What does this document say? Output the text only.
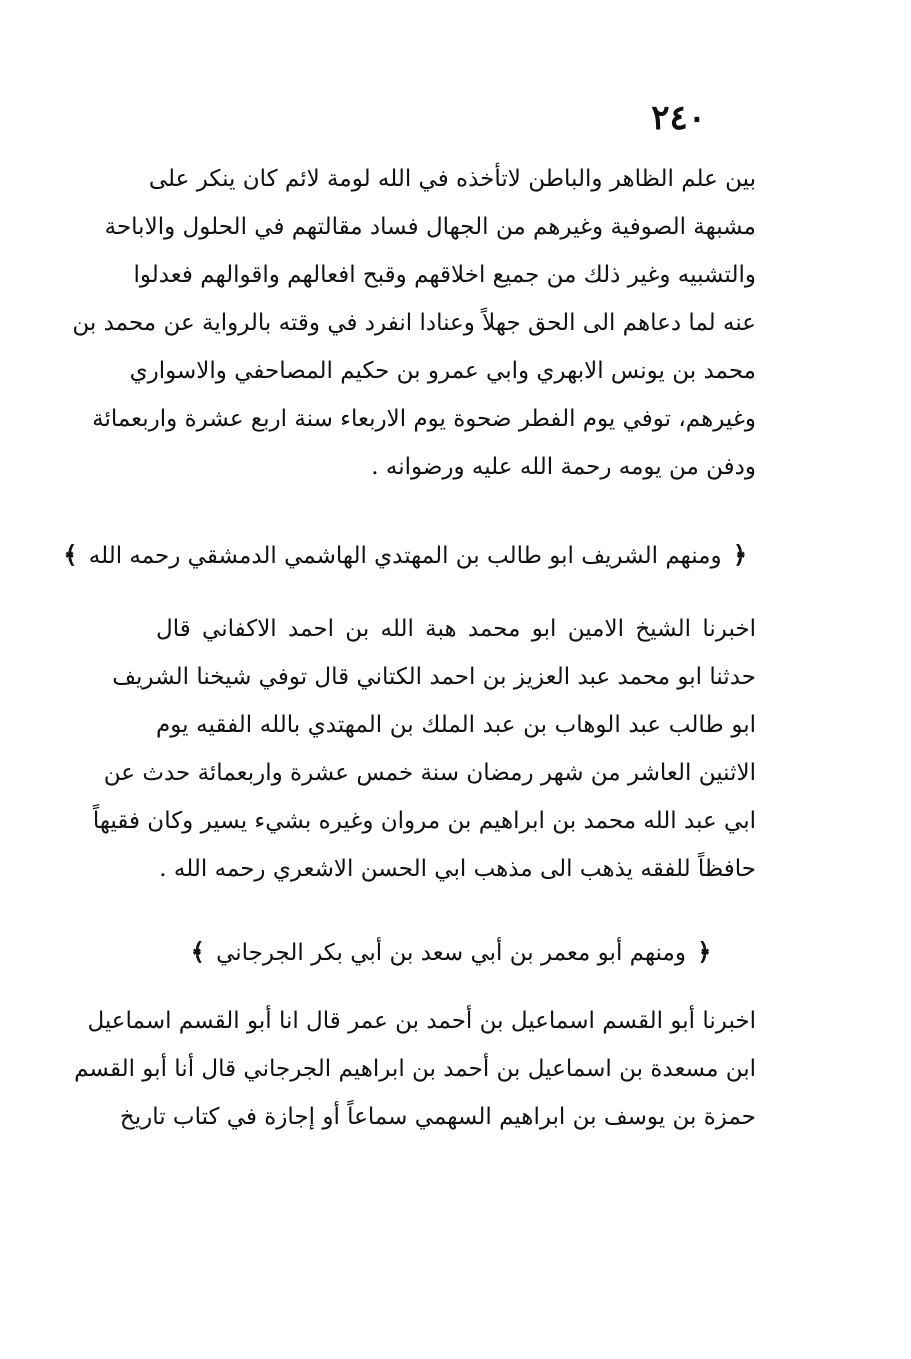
٢٤٠
بين علم الظاهر والباطن لاتأخذه في الله لومة لائم كان ينكر على
مشبهة الصوفية وغيرهم من الجهال فساد مقالتهم في الحلول والاباحة
والتشبيه وغير ذلك من جميع اخلاقهم وقبح افعالهم واقوالهم فعدلوا
عنه لما دعاهم الى الحق جهلاً وعنادا انفرد في وقته بالرواية عن محمد بن
محمد بن يونس الابهري وابي عمرو بن حكيم المصاحفي والاسواري
وغيرهم، توفي يوم الفطر ضحوة يوم الاربعاء سنة اربع عشرة واربعمائة
ودفن من يومه رحمة الله عليه ورضوانه .
﴿ ومنهم الشريف ابو طالب بن المهتدي الهاشمي الدمشقي رحمه الله ﴾
اخبرنا الشيخ الامين ابو محمد هبة الله بن احمد الاكفاني قال
حدثنا ابو محمد عبد العزيز بن احمد الكتاني قال توفي شيخنا الشريف
ابو طالب عبد الوهاب بن عبد الملك بن المهتدي بالله الفقيه يوم
الاثنين العاشر من شهر رمضان سنة خمس عشرة واربعمائة حدث عن
ابي عبد الله محمد بن ابراهيم بن مروان وغيره بشيء يسير وكان فقيهاً
حافظاً للفقه يذهب الى مذهب ابي الحسن الاشعري رحمه الله .
﴿ ومنهم أبو معمر بن أبي سعد بن أبي بكر الجرجاني ﴾
اخبرنا أبو القسم اسماعيل بن أحمد بن عمر قال انا أبو القسم اسماعيل
ابن مسعدة بن اسماعيل بن أحمد بن ابراهيم الجرجاني قال أنا أبو القسم
حمزة بن يوسف بن ابراهيم السهمي سماعاً أو إجازة في كتاب تاريخ
